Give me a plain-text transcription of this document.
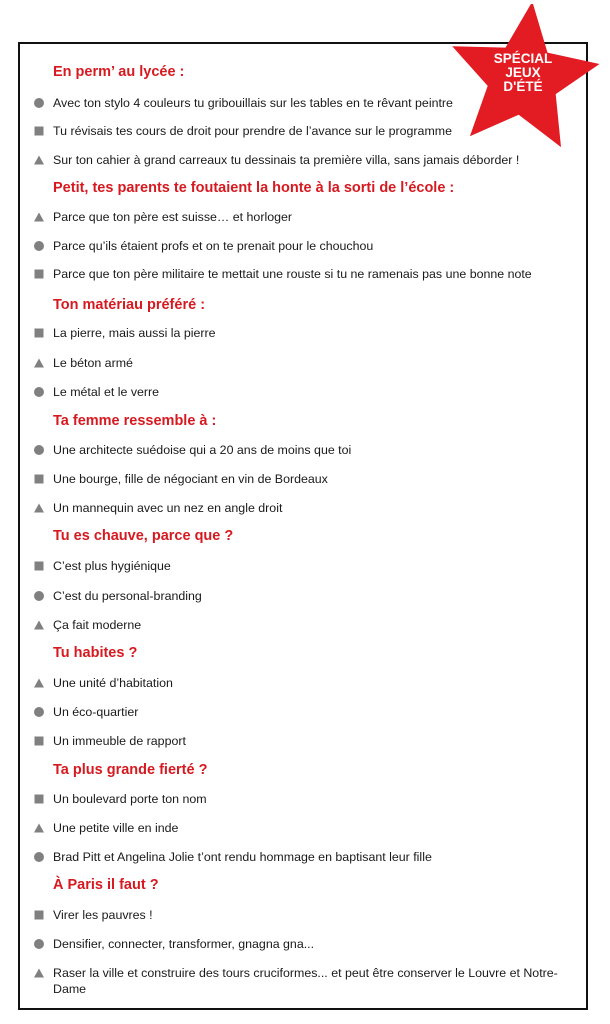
SPÉCIAL
JEUX
D'ÉTÉ
En perm’ au lycée :
Avec ton stylo 4 couleurs tu gribouillais sur les tables en te rêvant peintre
Tu révisais tes cours de droit pour prendre de l’avance sur le programme
Sur ton cahier à grand carreaux tu dessinais ta première villa, sans jamais déborder !
Petit, tes parents te foutaient la honte à la sorti de l’école :
Parce que ton père est suisse… et horloger
Parce qu’ils étaient profs et on te prenait pour le chouchou
Parce que ton père militaire te mettait une rouste si tu ne ramenais pas une bonne note
Ton matériau préféré :
La pierre, mais aussi la pierre
Le béton armé
Le métal et le verre
Ta femme ressemble à :
Une architecte suédoise qui a 20 ans de moins que toi
Une bourge, fille de négociant en vin de Bordeaux
Un mannequin avec un nez en angle droit
Tu es chauve, parce que ?
C’est plus hygiénique
C’est du personal-branding
Ça fait moderne
Tu habites ?
Une unité d’habitation
Un éco-quartier
Un immeuble de rapport
Ta plus grande fierté ?
Un boulevard porte ton nom
Une petite ville en inde
Brad Pitt et Angelina Jolie t’ont rendu hommage en baptisant leur fille
À Paris il faut ?
Virer les pauvres !
Densifier, connecter, transformer, gnagna gna...
Raser la ville et construire des tours cruciformes... et peut être conserver le Louvre et Notre-Dame
